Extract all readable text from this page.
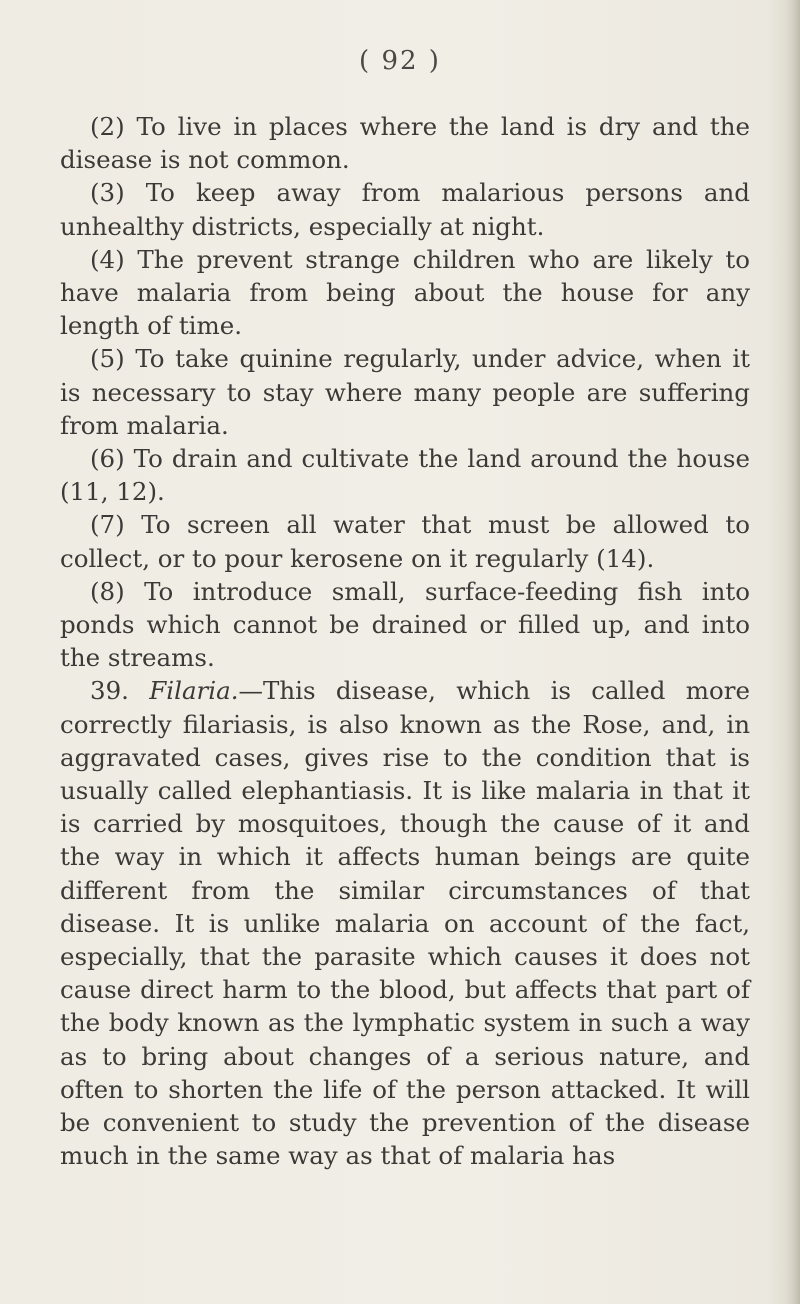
( 92 )

(2) To live in places where the land is dry and the disease is not common.

(3) To keep away from malarious persons and unhealthy districts, especially at night.

(4) The prevent strange children who are likely to have malaria from being about the house for any length of time.

(5) To take quinine regularly, under advice, when it is necessary to stay where many people are suffering from malaria.

(6) To drain and cultivate the land around the house (11, 12).

(7) To screen all water that must be allowed to collect, or to pour kerosene on it regularly (14).

(8) To introduce small, surface-feeding fish into ponds which cannot be drained or filled up, and into the streams.

39. Filaria.—This disease, which is called more correctly filariasis, is also known as the Rose, and, in aggravated cases, gives rise to the condition that is usually called elephantiasis. It is like malaria in that it is carried by mosquitoes, though the cause of it and the way in which it affects human beings are quite different from the similar circumstances of that disease. It is unlike malaria on account of the fact, especially, that the parasite which causes it does not cause direct harm to the blood, but affects that part of the body known as the lymphatic system in such a way as to bring about changes of a serious nature, and often to shorten the life of the person attacked. It will be convenient to study the prevention of the disease much in the same way as that of malaria has
